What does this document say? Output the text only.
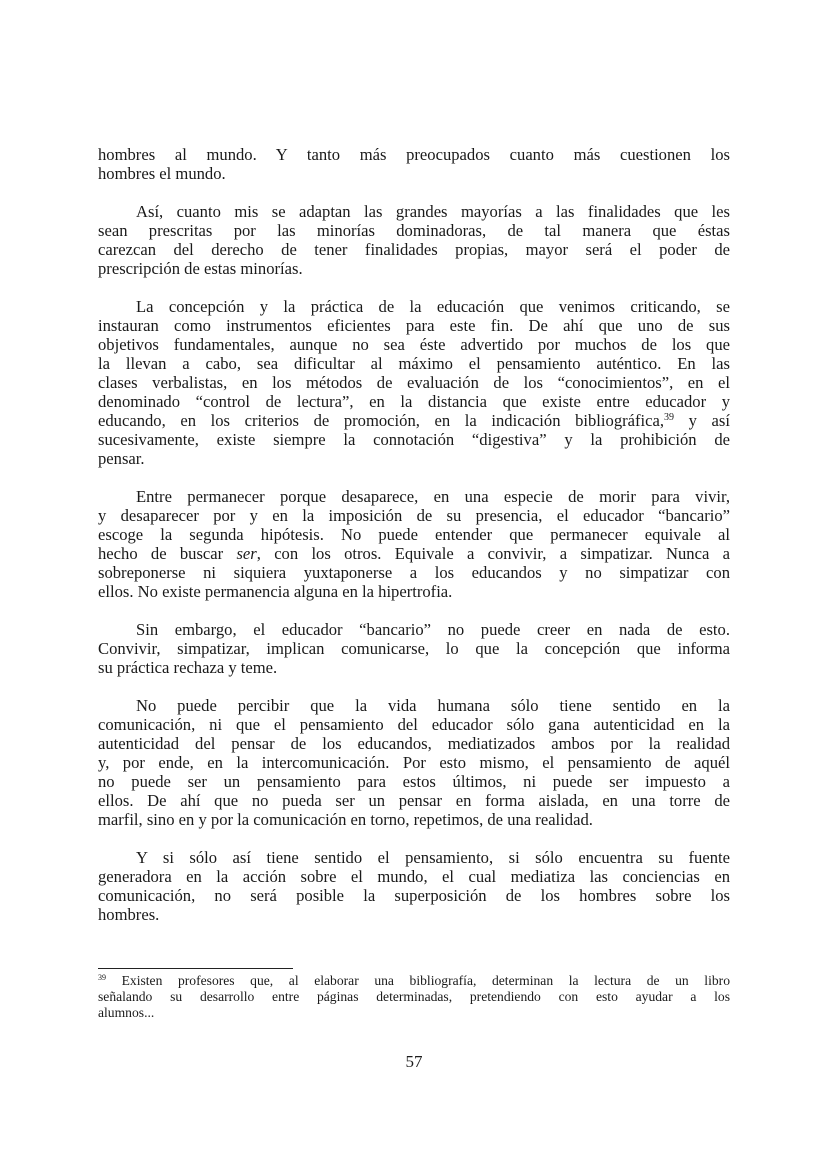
hombres al mundo. Y tanto más preocupados cuanto más cuestionen los
hombres el mundo.
Así, cuanto mis se adaptan las grandes mayorías a las finalidades que les
sean prescritas por las minorías dominadoras, de tal manera que éstas
carezcan del derecho de tener finalidades propias, mayor será el poder de
prescripción de estas minorías.
La concepción y la práctica de la educación que venimos criticando, se
instauran como instrumentos eficientes para este fin. De ahí que uno de sus
objetivos fundamentales, aunque no sea éste advertido por muchos de los que
la llevan a cabo, sea dificultar al máximo el pensamiento auténtico. En las
clases verbalistas, en los métodos de evaluación de los “conocimientos”, en el
denominado “control de lectura”, en la distancia que existe entre educador y
educando, en los criterios de promoción, en la indicación bibliográfica,$^{39}$ y así
sucesivamente, existe siempre la connotación “digestiva” y la prohibición de
pensar.
Entre permanecer porque desaparece, en una especie de morir para vivir,
y desaparecer por y en la imposición de su presencia, el educador “bancario”
escoge la segunda hipótesis. No puede entender que permanecer equivale al
hecho de buscar ser, con los otros. Equivale a convivir, a simpatizar. Nunca a
sobreponerse ni siquiera yuxtaponerse a los educandos y no simpatizar con
ellos. No existe permanencia alguna en la hipertrofia.
Sin embargo, el educador “bancario” no puede creer en nada de esto.
Convivir, simpatizar, implican comunicarse, lo que la concepción que informa
su práctica rechaza y teme.
No puede percibir que la vida humana sólo tiene sentido en la
comunicación, ni que el pensamiento del educador sólo gana autenticidad en la
autenticidad del pensar de los educandos, mediatizados ambos por la realidad
y, por ende, en la intercomunicación. Por esto mismo, el pensamiento de aquél
no puede ser un pensamiento para estos últimos, ni puede ser impuesto a
ellos. De ahí que no pueda ser un pensar en forma aislada, en una torre de
marfil, sino en y por la comunicación en torno, repetimos, de una realidad.
Y si sólo así tiene sentido el pensamiento, si sólo encuentra su fuente
generadora en la acción sobre el mundo, el cual mediatiza las conciencias en
comunicación, no será posible la superposición de los hombres sobre los
hombres.
$^{39}$ Existen profesores que, al elaborar una bibliografía, determinan la lectura de un libro
señalando su desarrollo entre páginas determinadas, pretendiendo con esto ayudar a los
alumnos...
57
